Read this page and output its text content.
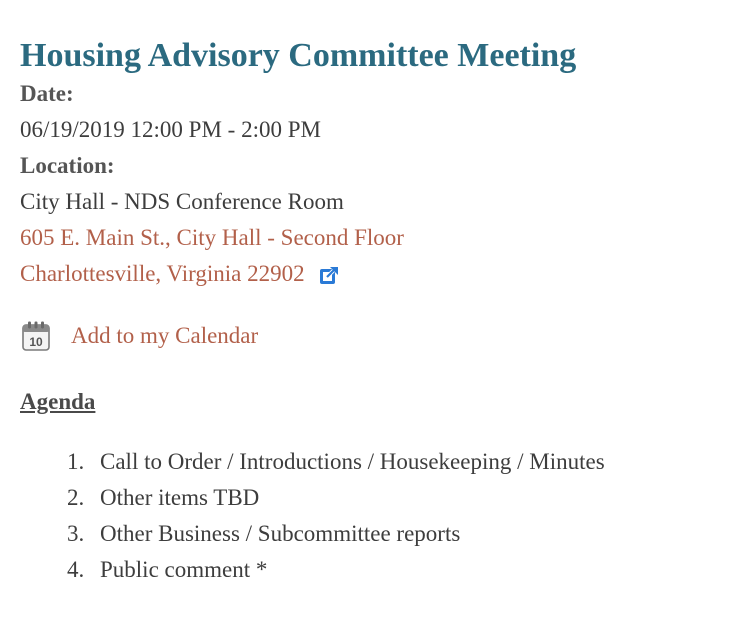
Housing Advisory Committee Meeting
Date:
06/19/2019 12:00 PM - 2:00 PM
Location:
City Hall - NDS Conference Room
605 E. Main St., City Hall - Second Floor
Charlottesville, Virginia 22902
10 Add to my Calendar
Agenda
1. Call to Order / Introductions / Housekeeping / Minutes
2. Other items TBD
3. Other Business / Subcommittee reports
4. Public comment *
